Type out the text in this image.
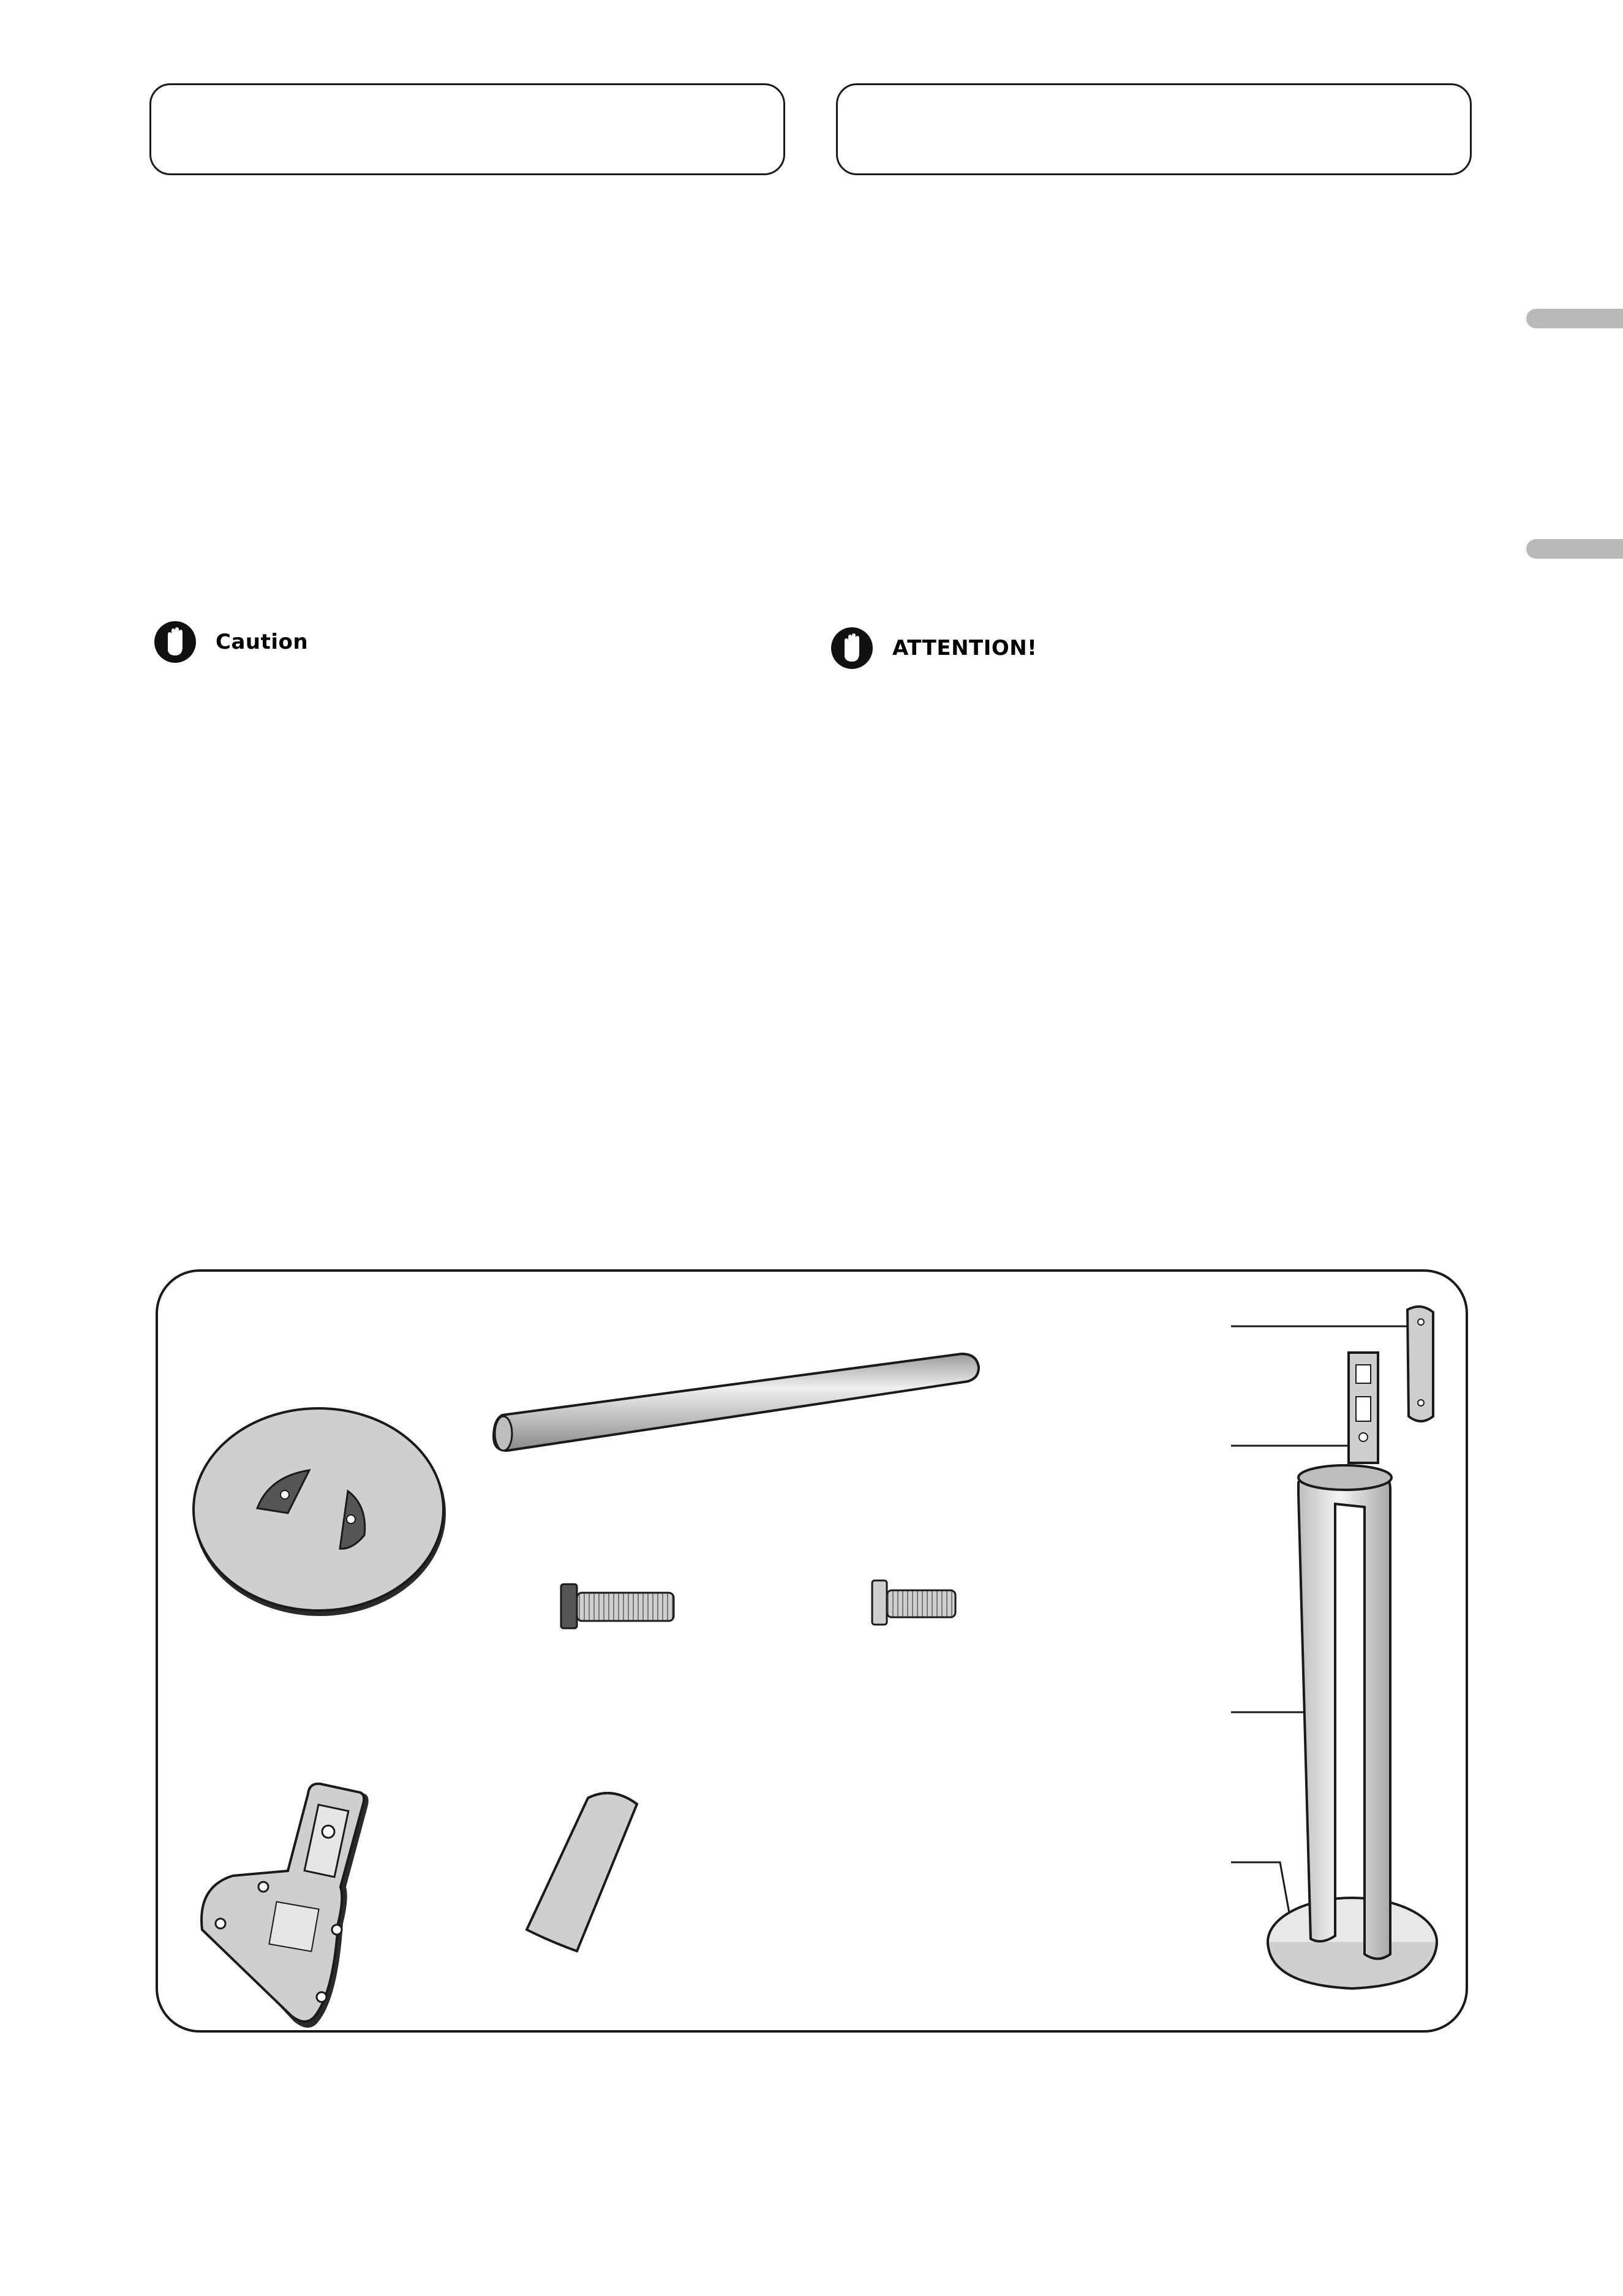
Caution	ATTENTION!
